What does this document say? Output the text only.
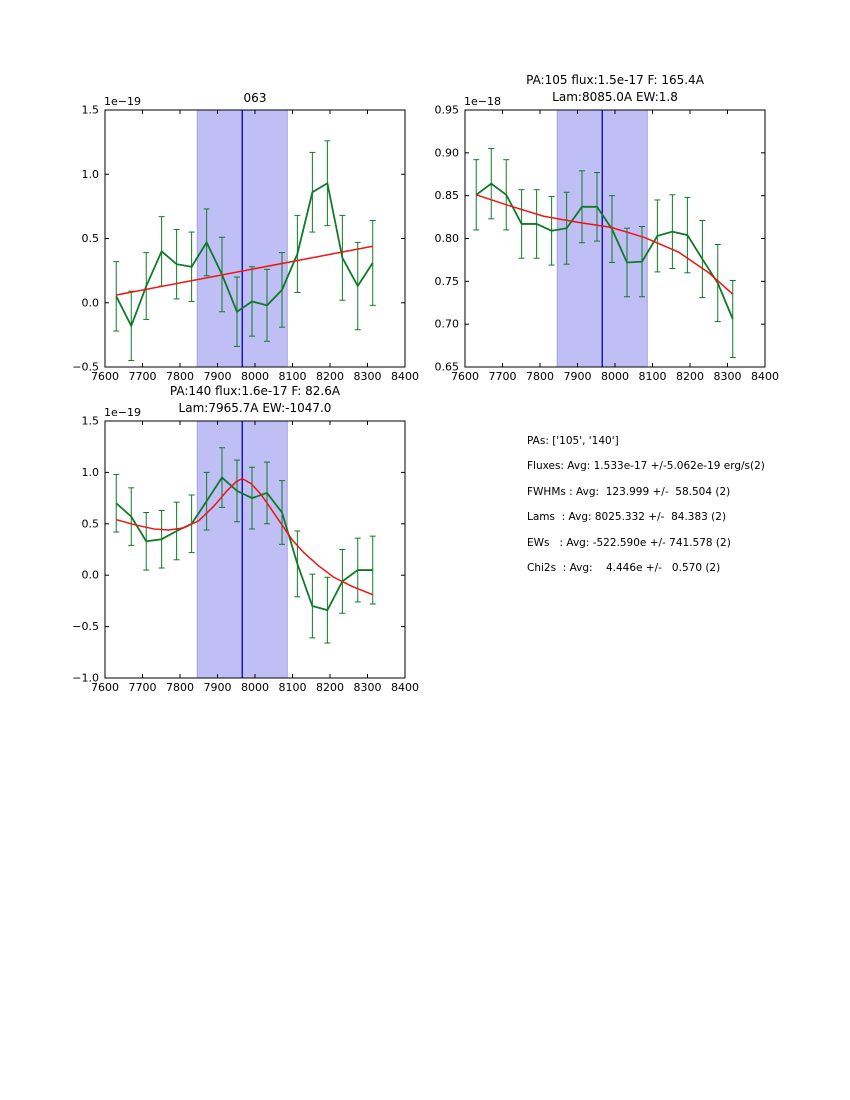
7600 7700 7800 7900 8000 8100 8200 8300 8400
−0.5
0.0
0.5
1.0
1.5
1e−19	063
7600 7700 7800 7900 8000 8100 8200 8300 8400
0.65
0.70
0.75
0.80
0.85
0.90
0.95
1e−18
PA:105 flux:1.5e-17 F: 165.4A
Lam:8085.0A EW:1.8
7600 7700 7800 7900 8000 8100 8200 8300 8400
−1.0
−0.5
0.0
0.5
1.0
1.5
1e−19
PA:140 flux:1.6e-17 F: 82.6A
Lam:7965.7A EW:-1047.0
PAs: ['105', '140']
Fluxes: Avg: 1.533e-17 +/-5.062e-19 erg/s(2)
FWHMs : Avg:  123.999 +/-  58.504 (2)
Lams  : Avg: 8025.332 +/-  84.383 (2)
EWs   : Avg: -522.590e +/- 741.578 (2)
Chi2s  : Avg:    4.446e +/-   0.570 (2)
